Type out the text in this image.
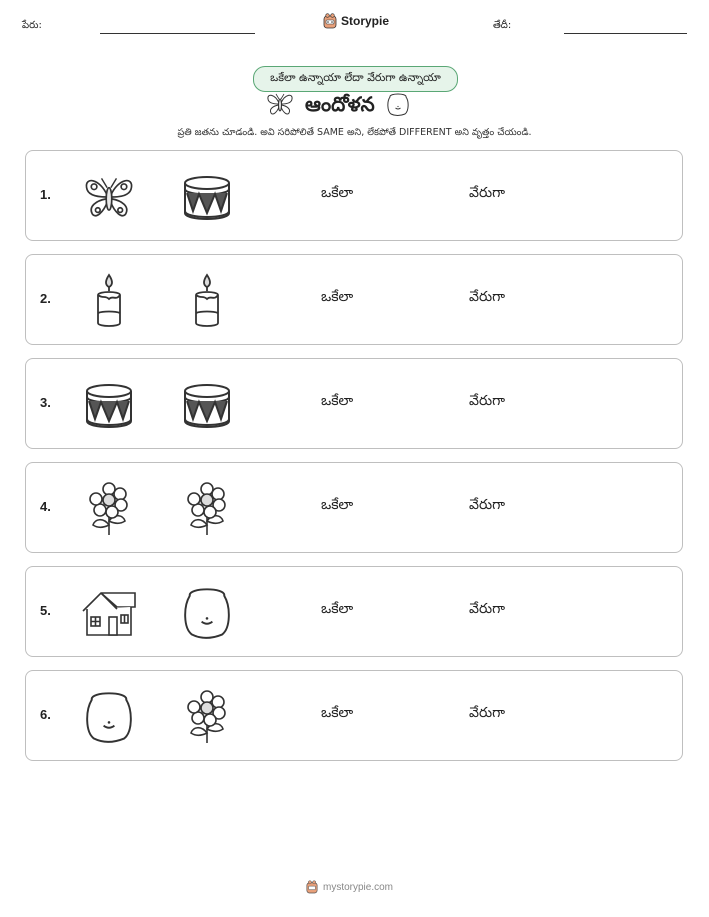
పేరు:	Storypie	తేదీ:
ఒకేలా ఉన్నాయా లేదా వేరుగా ఉన్నాయా
ఆందోళన
ప్రతి జతను చూడండి. అవి సరిపోలితే SAME అని, లేకపోతే DIFFERENT అని వృత్తం చేయండి.
1.	ఒకేలా	వేరుగా
2.	ఒకేలా	వేరుగా
3.	ఒకేలా	వేరుగా
4.	ఒకేలా	వేరుగా
5.	ఒకేలా	వేరుగా
6.	ఒకేలా	వేరుగా
mystorypie.com
